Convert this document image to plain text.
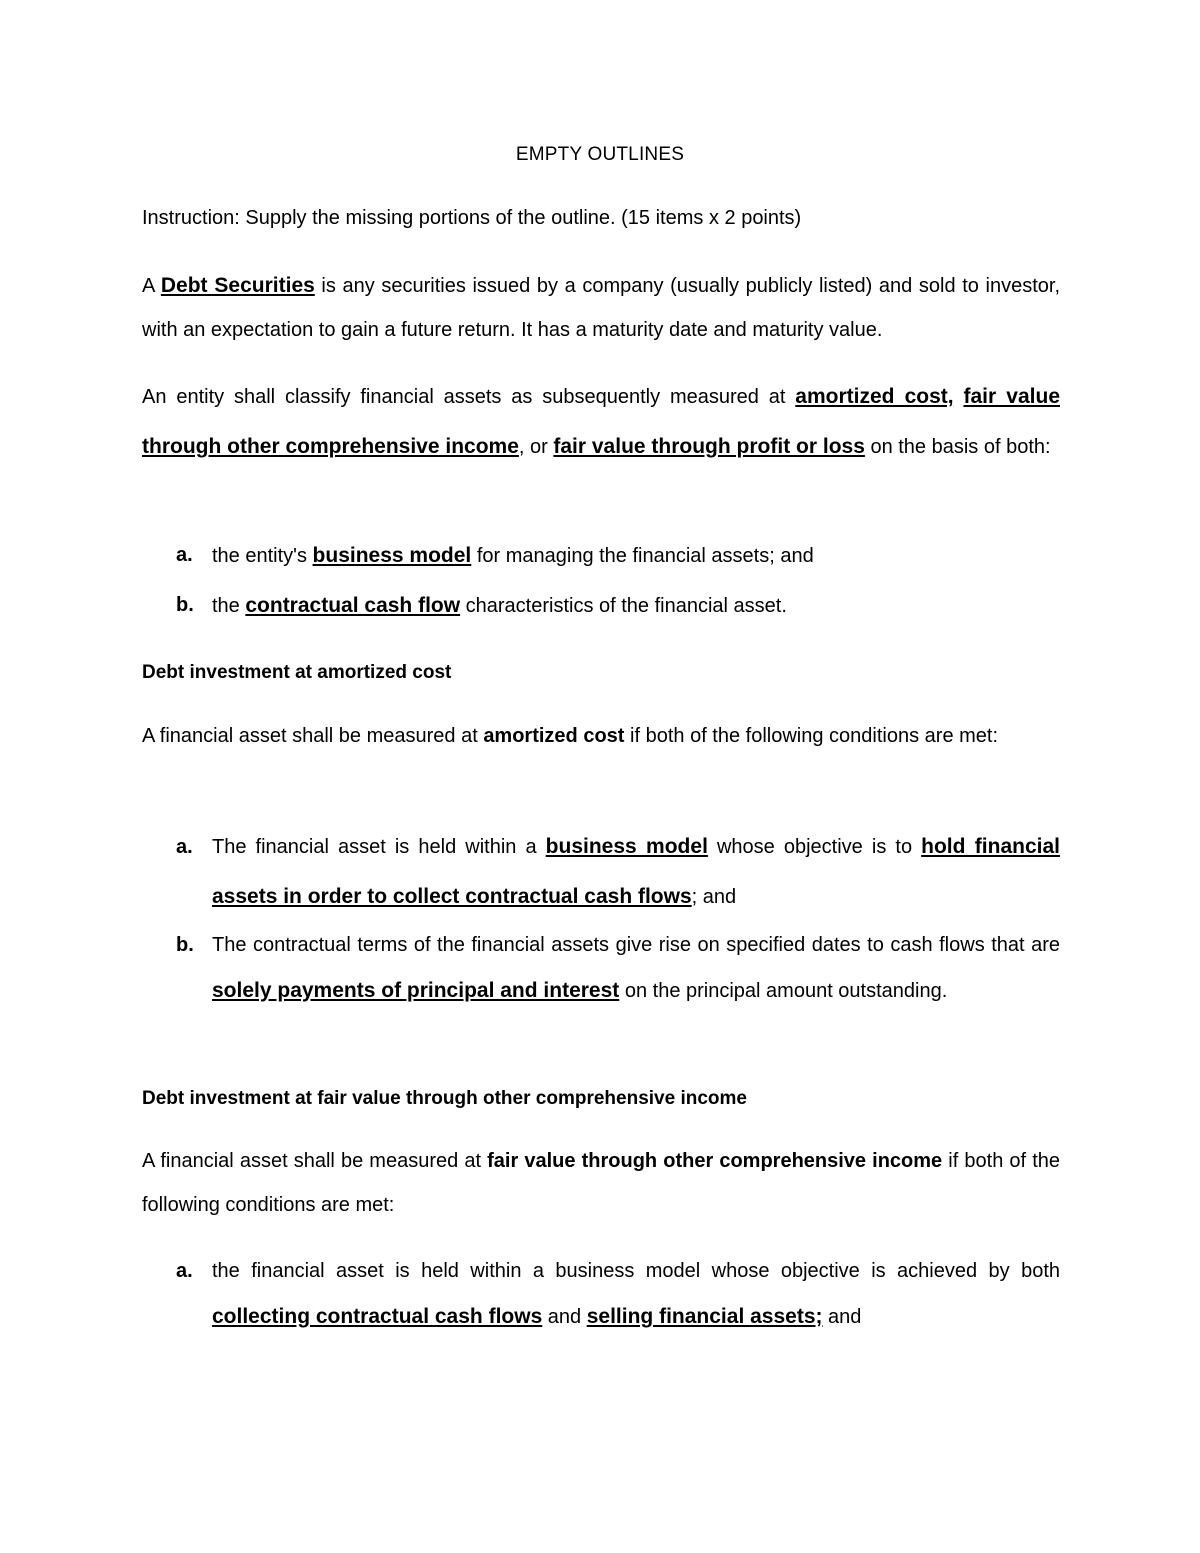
EMPTY OUTLINES
Instruction: Supply the missing portions of the outline. (15 items x 2 points)
A Debt Securities is any securities issued by a company (usually publicly listed) and sold to investor, with an expectation to gain a future return. It has a maturity date and maturity value.
An entity shall classify financial assets as subsequently measured at amortized cost, fair value through other comprehensive income, or fair value through profit or loss on the basis of both:
a. the entity's business model for managing the financial assets; and
b. the contractual cash flow characteristics of the financial asset.
Debt investment at amortized cost
A financial asset shall be measured at amortized cost if both of the following conditions are met:
a. The financial asset is held within a business model whose objective is to hold financial assets in order to collect contractual cash flows; and
b. The contractual terms of the financial assets give rise on specified dates to cash flows that are solely payments of principal and interest on the principal amount outstanding.
Debt investment at fair value through other comprehensive income
A financial asset shall be measured at fair value through other comprehensive income if both of the following conditions are met:
a. the financial asset is held within a business model whose objective is achieved by both collecting contractual cash flows and selling financial assets; and
